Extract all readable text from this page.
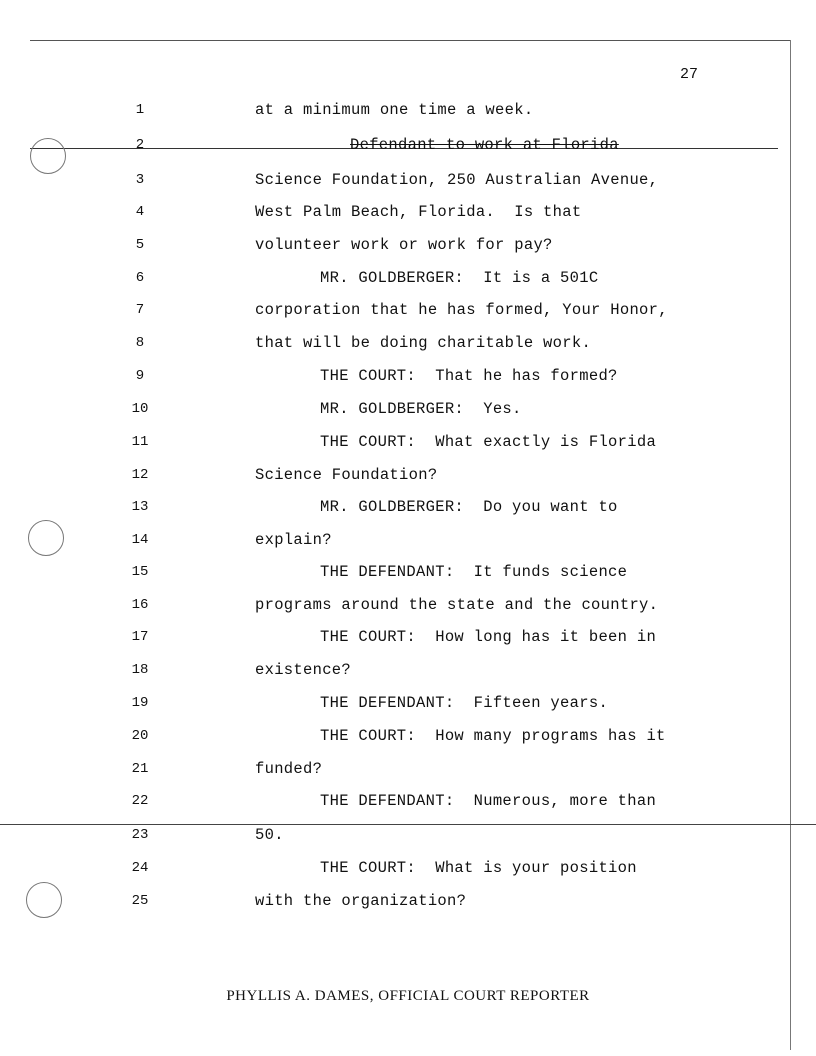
27
1	at a minimum one time a week.
2	Defendant to work at Florida
3	Science Foundation, 250 Australian Avenue,
4	West Palm Beach, Florida.  Is that
5	volunteer work or work for pay?
6	MR. GOLDBERGER:  It is a 501C
7	corporation that he has formed, Your Honor,
8	that will be doing charitable work.
9	THE COURT:  That he has formed?
10	MR. GOLDBERGER:  Yes.
11	THE COURT:  What exactly is Florida
12	Science Foundation?
13	MR. GOLDBERGER:  Do you want to
14	explain?
15	THE DEFENDANT:  It funds science
16	programs around the state and the country.
17	THE COURT:  How long has it been in
18	existence?
19	THE DEFENDANT:  Fifteen years.
20	THE COURT:  How many programs has it
21	funded?
22	THE DEFENDANT:  Numerous, more than
23	50.
24	THE COURT:  What is your position
25	with the organization?
PHYLLIS A. DAMES, OFFICIAL COURT REPORTER
